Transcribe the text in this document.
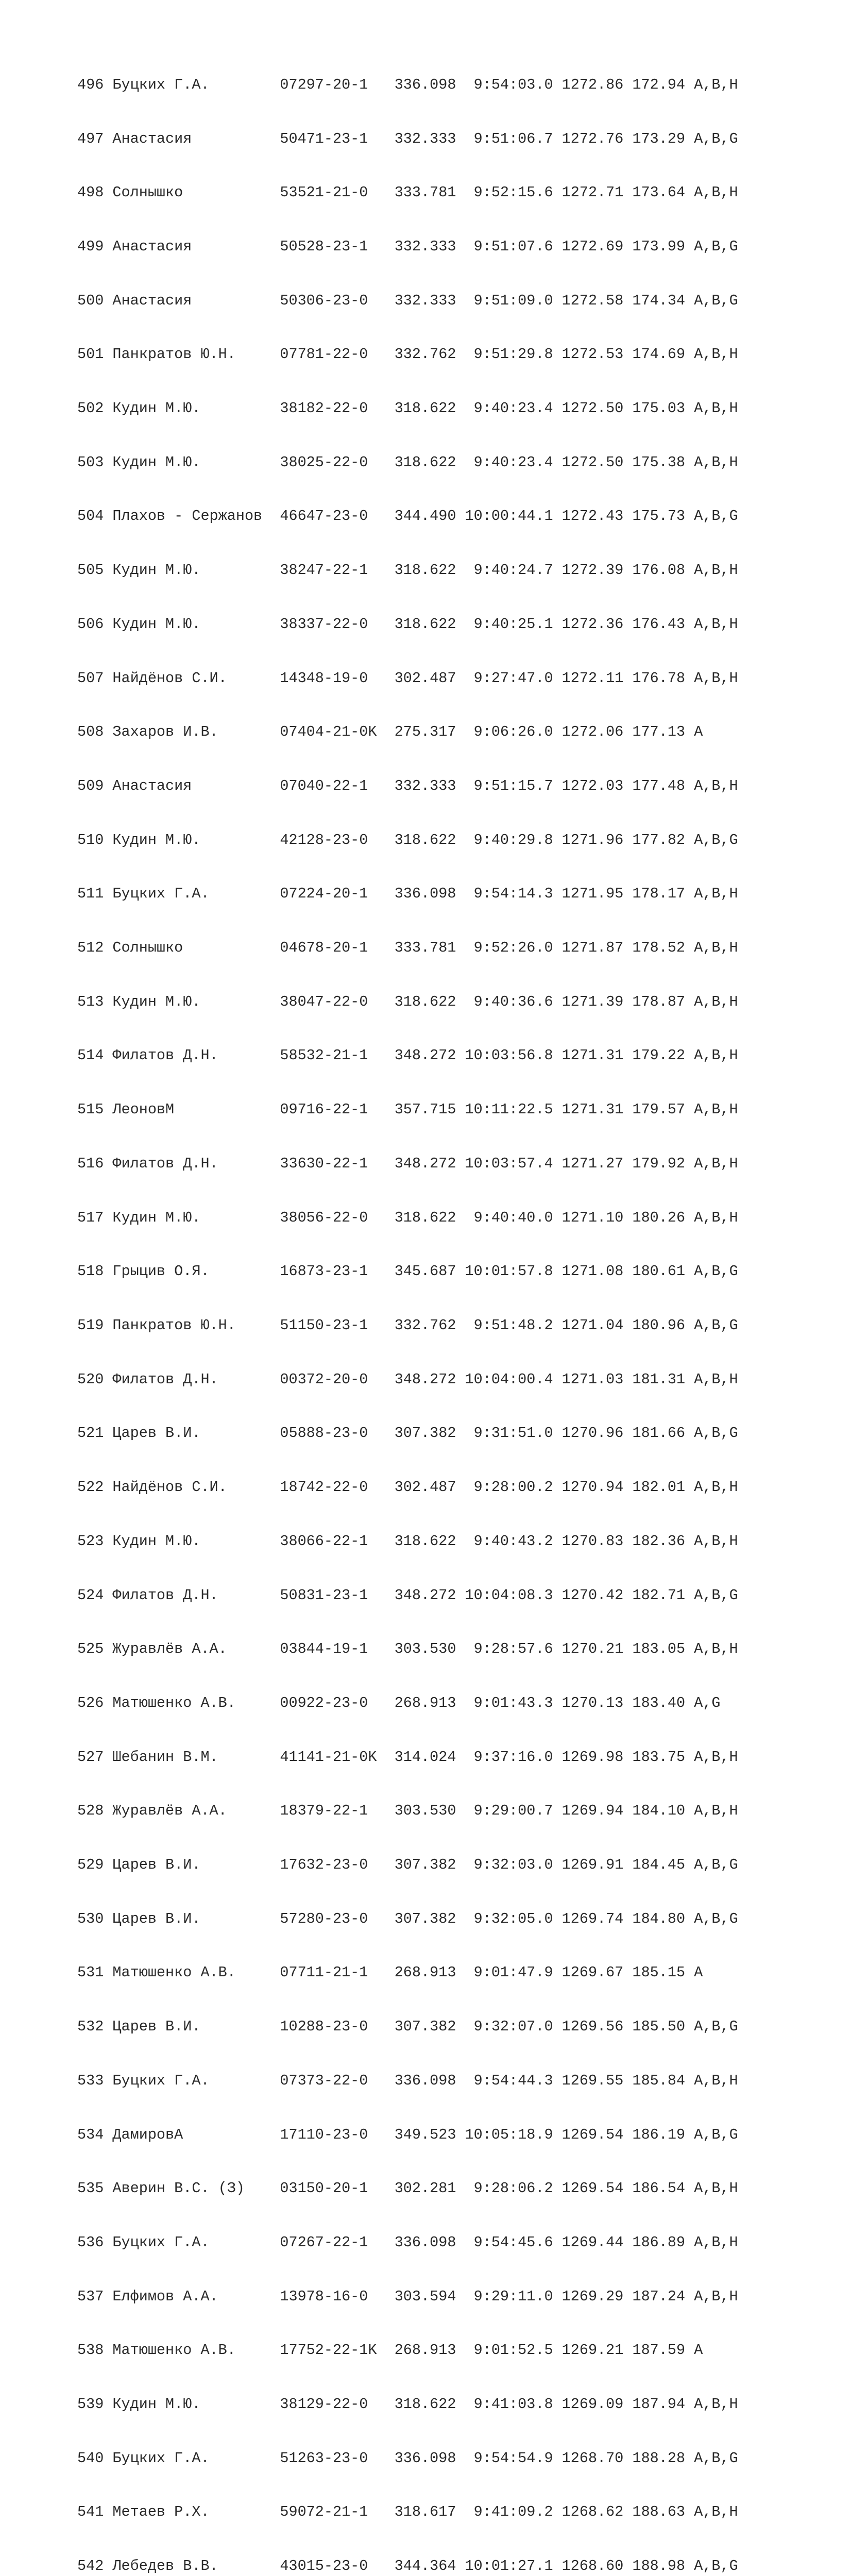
496 Буцких Г.А.        07297-20-1   336.098  9:54:03.0 1272.86 172.94 A,B,H

497 Анастасия          50471-23-1   332.333  9:51:06.7 1272.76 173.29 A,B,G

498 Солнышко           53521-21-0   333.781  9:52:15.6 1272.71 173.64 A,B,H

499 Анастасия          50528-23-1   332.333  9:51:07.6 1272.69 173.99 A,B,G

500 Анастасия          50306-23-0   332.333  9:51:09.0 1272.58 174.34 A,B,G

501 Панкратов Ю.Н.     07781-22-0   332.762  9:51:29.8 1272.53 174.69 A,B,H

502 Кудин М.Ю.         38182-22-0   318.622  9:40:23.4 1272.50 175.03 A,B,H

503 Кудин М.Ю.         38025-22-0   318.622  9:40:23.4 1272.50 175.38 A,B,H

504 Плахов - Сержанов  46647-23-0   344.490 10:00:44.1 1272.43 175.73 A,B,G

505 Кудин М.Ю.         38247-22-1   318.622  9:40:24.7 1272.39 176.08 A,B,H

506 Кудин М.Ю.         38337-22-0   318.622  9:40:25.1 1272.36 176.43 A,B,H

507 Найдёнов С.И.      14348-19-0   302.487  9:27:47.0 1272.11 176.78 A,B,H

508 Захаров И.В.       07404-21-0K  275.317  9:06:26.0 1272.06 177.13 A

509 Анастасия          07040-22-1   332.333  9:51:15.7 1272.03 177.48 A,B,H

510 Кудин М.Ю.         42128-23-0   318.622  9:40:29.8 1271.96 177.82 A,B,G

511 Буцких Г.А.        07224-20-1   336.098  9:54:14.3 1271.95 178.17 A,B,H

512 Солнышко           04678-20-1   333.781  9:52:26.0 1271.87 178.52 A,B,H

513 Кудин М.Ю.         38047-22-0   318.622  9:40:36.6 1271.39 178.87 A,B,H

514 Филатов Д.Н.       58532-21-1   348.272 10:03:56.8 1271.31 179.22 A,B,H

515 ЛеоновМ            09716-22-1   357.715 10:11:22.5 1271.31 179.57 A,B,H

516 Филатов Д.Н.       33630-22-1   348.272 10:03:57.4 1271.27 179.92 A,B,H

517 Кудин М.Ю.         38056-22-0   318.622  9:40:40.0 1271.10 180.26 A,B,H

518 Грыцив О.Я.        16873-23-1   345.687 10:01:57.8 1271.08 180.61 A,B,G

519 Панкратов Ю.Н.     51150-23-1   332.762  9:51:48.2 1271.04 180.96 A,B,G

520 Филатов Д.Н.       00372-20-0   348.272 10:04:00.4 1271.03 181.31 A,B,H

521 Царев В.И.         05888-23-0   307.382  9:31:51.0 1270.96 181.66 A,B,G

522 Найдёнов С.И.      18742-22-0   302.487  9:28:00.2 1270.94 182.01 A,B,H

523 Кудин М.Ю.         38066-22-1   318.622  9:40:43.2 1270.83 182.36 A,B,H

524 Филатов Д.Н.       50831-23-1   348.272 10:04:08.3 1270.42 182.71 A,B,G

525 Журавлёв А.А.      03844-19-1   303.530  9:28:57.6 1270.21 183.05 A,B,H

526 Матюшенко А.В.     00922-23-0   268.913  9:01:43.3 1270.13 183.40 A,G

527 Шебанин В.М.       41141-21-0K  314.024  9:37:16.0 1269.98 183.75 A,B,H

528 Журавлёв А.А.      18379-22-1   303.530  9:29:00.7 1269.94 184.10 A,B,H

529 Царев В.И.         17632-23-0   307.382  9:32:03.0 1269.91 184.45 A,B,G

530 Царев В.И.         57280-23-0   307.382  9:32:05.0 1269.74 184.80 A,B,G

531 Матюшенко А.В.     07711-21-1   268.913  9:01:47.9 1269.67 185.15 A

532 Царев В.И.         10288-23-0   307.382  9:32:07.0 1269.56 185.50 A,B,G

533 Буцких Г.А.        07373-22-0   336.098  9:54:44.3 1269.55 185.84 A,B,H

534 ДамировА           17110-23-0   349.523 10:05:18.9 1269.54 186.19 A,B,G

535 Аверин В.С. (З)    03150-20-1   302.281  9:28:06.2 1269.54 186.54 A,B,H

536 Буцких Г.А.        07267-22-1   336.098  9:54:45.6 1269.44 186.89 A,B,H

537 Елфимов А.А.       13978-16-0   303.594  9:29:11.0 1269.29 187.24 A,B,H

538 Матюшенко А.В.     17752-22-1K  268.913  9:01:52.5 1269.21 187.59 A

539 Кудин М.Ю.         38129-22-0   318.622  9:41:03.8 1269.09 187.94 A,B,H

540 Буцких Г.А.        51263-23-0   336.098  9:54:54.9 1268.70 188.28 A,B,G

541 Метаев Р.Х.        59072-21-1   318.617  9:41:09.2 1268.62 188.63 A,B,H

542 Лебедев В.В.       43015-23-0   344.364 10:01:27.1 1268.60 188.98 A,B,G
